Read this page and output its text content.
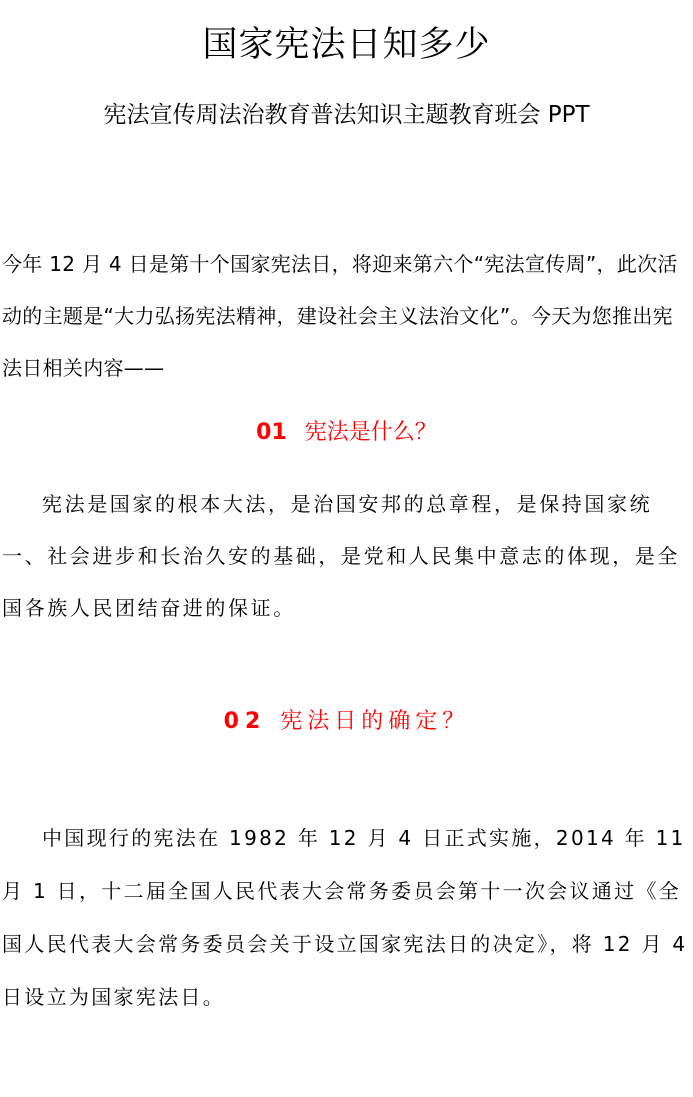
国家宪法日知多少
宪法宣传周法治教育普法知识主题教育班会 PPT

今年 12 月 4 日是第十个国家宪法日，将迎来第六个“宪法宣传周”，此次活动的主题是“大力弘扬宪法精神，建设社会主义法治文化”。今天为您推出宪法日相关内容——

01 宪法是什么？

宪法是国家的根本大法，是治国安邦的总章程，是保持国家统一、社会进步和长治久安的基础，是党和人民集中意志的体现，是全国各族人民团结奋进的保证。

02 宪法日的确定？

中国现行的宪法在 1982 年 12 月 4 日正式实施，2014 年 11 月 1 日，十二届全国人民代表大会常务委员会第十一次会议通过《全国人民代表大会常务委员会关于设立国家宪法日的决定》，将 12 月 4 日设立为国家宪法日。
